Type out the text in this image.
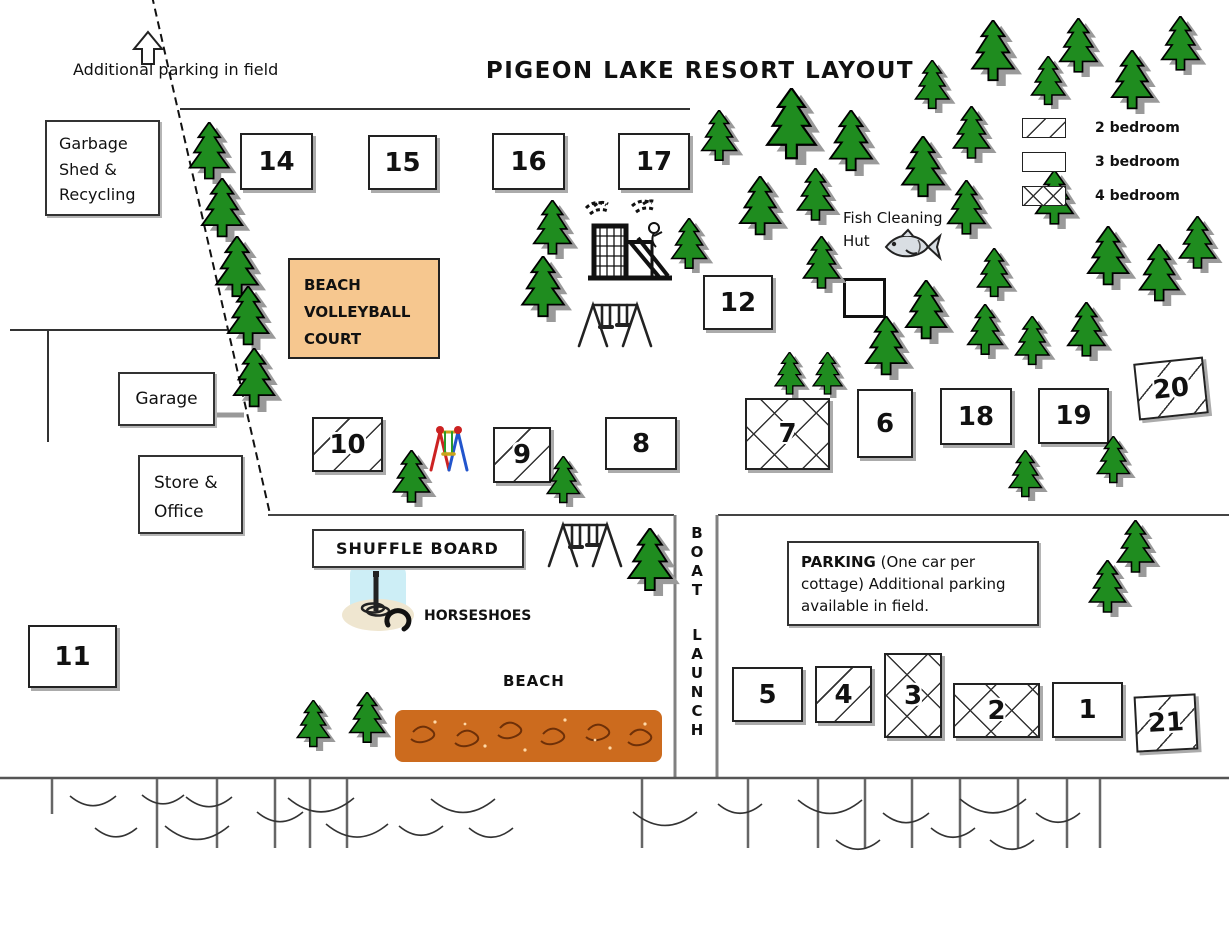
PIGEON LAKE RESORT LAYOUT
Additional parking in field
Garbage
Shed &
Recycling
Garage
Store &
Office
BEACH
VOLLEYBALL
COURT
SHUFFLE BOARD
PARKING (One car per cottage) Additional parking available in field.
Fish Cleaning
Hut
HORSESHOES
BEACH
B
O
A
T
L
A
U
N
C
H
2 bedroom
3 bedroom
4 bedroom
14	15	16	17
12
10	9	8	7	6 18 19
20
11
5 4 3	2	1 21
